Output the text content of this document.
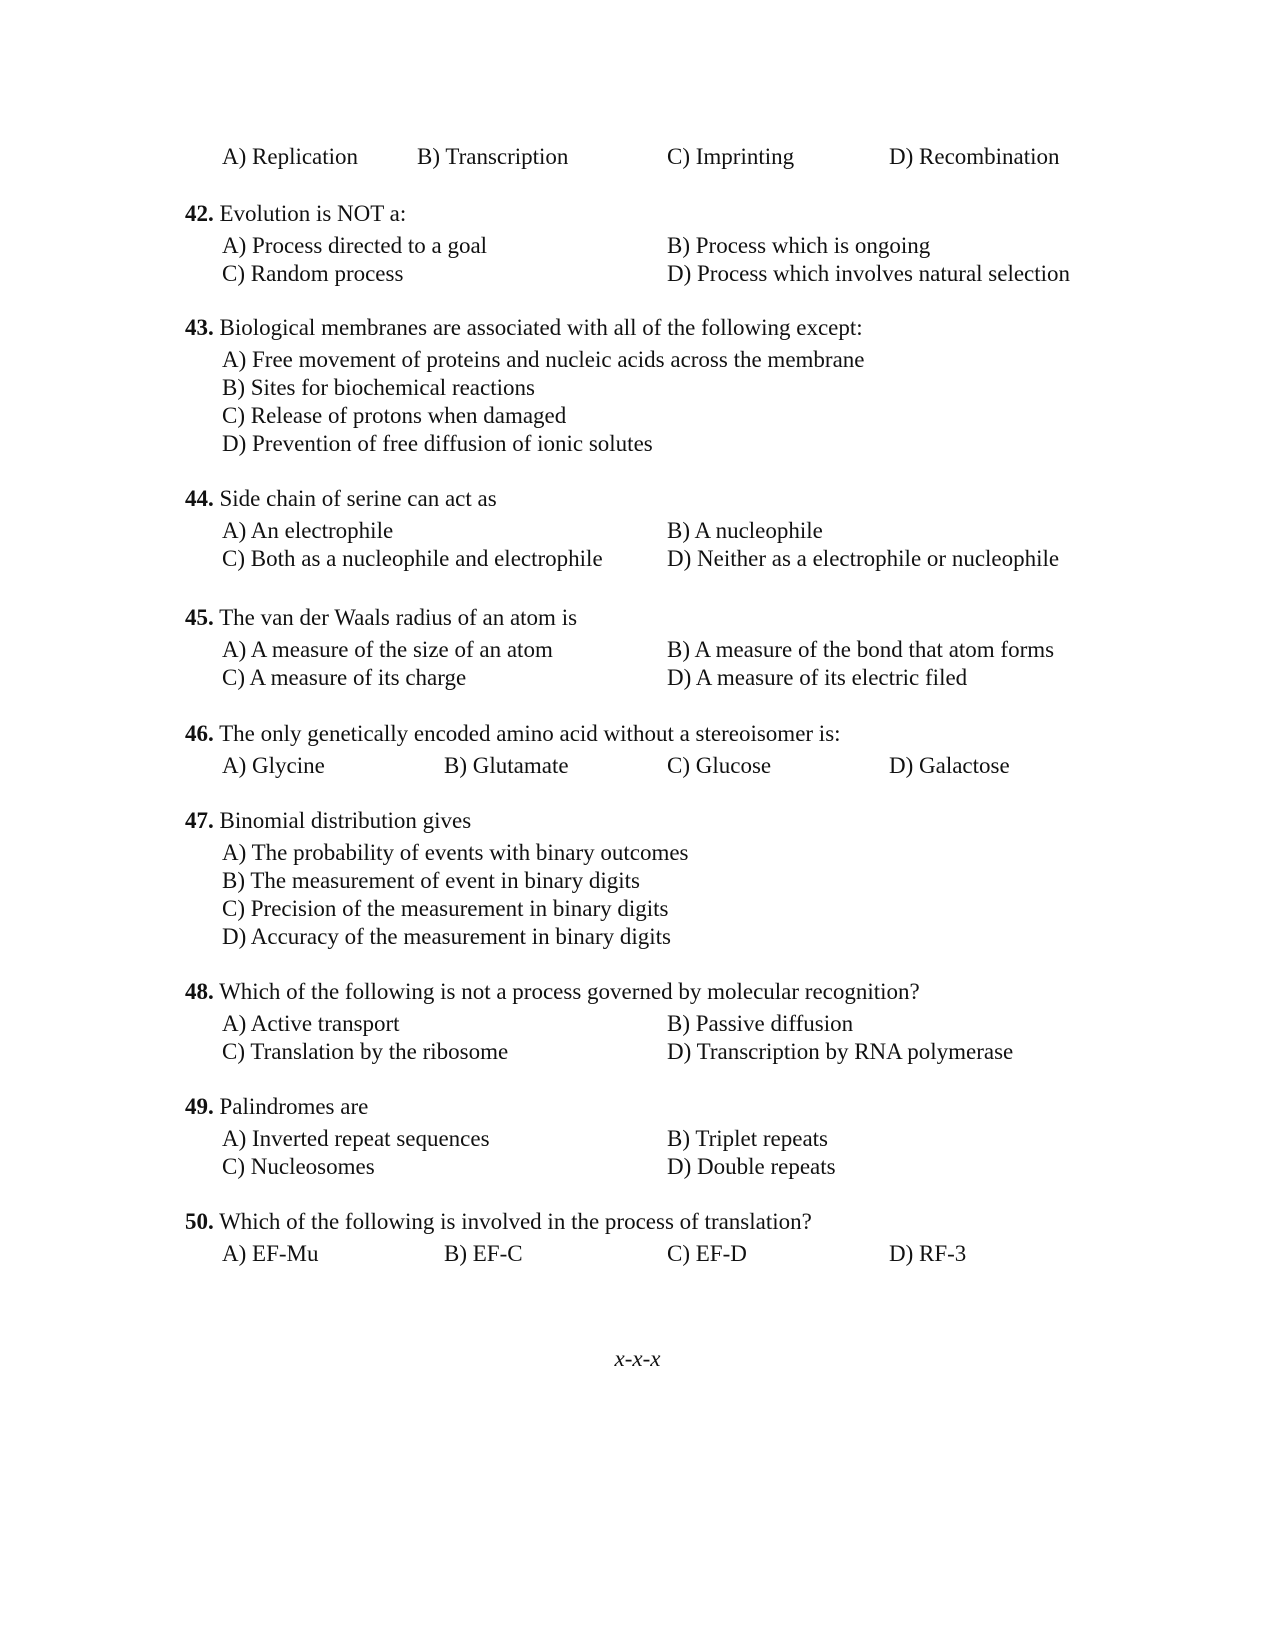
A) Replication	B) Transcription	C) Imprinting	D) Recombination
42. Evolution is NOT a:
A) Process directed to a goal	B) Process which is ongoing
C) Random process	D) Process which involves natural selection
43. Biological membranes are associated with all of the following except:
A) Free movement of proteins and nucleic acids across the membrane
B) Sites for biochemical reactions
C) Release of protons when damaged
D) Prevention of free diffusion of ionic solutes
44. Side chain of serine can act as
A) An electrophile	B) A nucleophile
C) Both as a nucleophile and electrophile	D) Neither as a electrophile or nucleophile
45. The van der Waals radius of an atom is
A) A measure of the size of an atom	B) A measure of the bond that atom forms
C) A measure of its charge	D) A measure of its electric filed
46. The only genetically encoded amino acid without a stereoisomer is:
A) Glycine	B) Glutamate	C) Glucose	D) Galactose
47. Binomial distribution gives
A) The probability of events with binary outcomes
B) The measurement of event in binary digits
C) Precision of the measurement in binary digits
D) Accuracy of the measurement in binary digits
48. Which of the following is not a process governed by molecular recognition?
A) Active transport	B) Passive diffusion
C) Translation by the ribosome	D) Transcription by RNA polymerase
49. Palindromes are
A) Inverted repeat sequences	B) Triplet repeats
C) Nucleosomes	D) Double repeats
50. Which of the following is involved in the process of translation?
A) EF-Mu	B) EF-C	C) EF-D	D) RF-3
x-x-x
